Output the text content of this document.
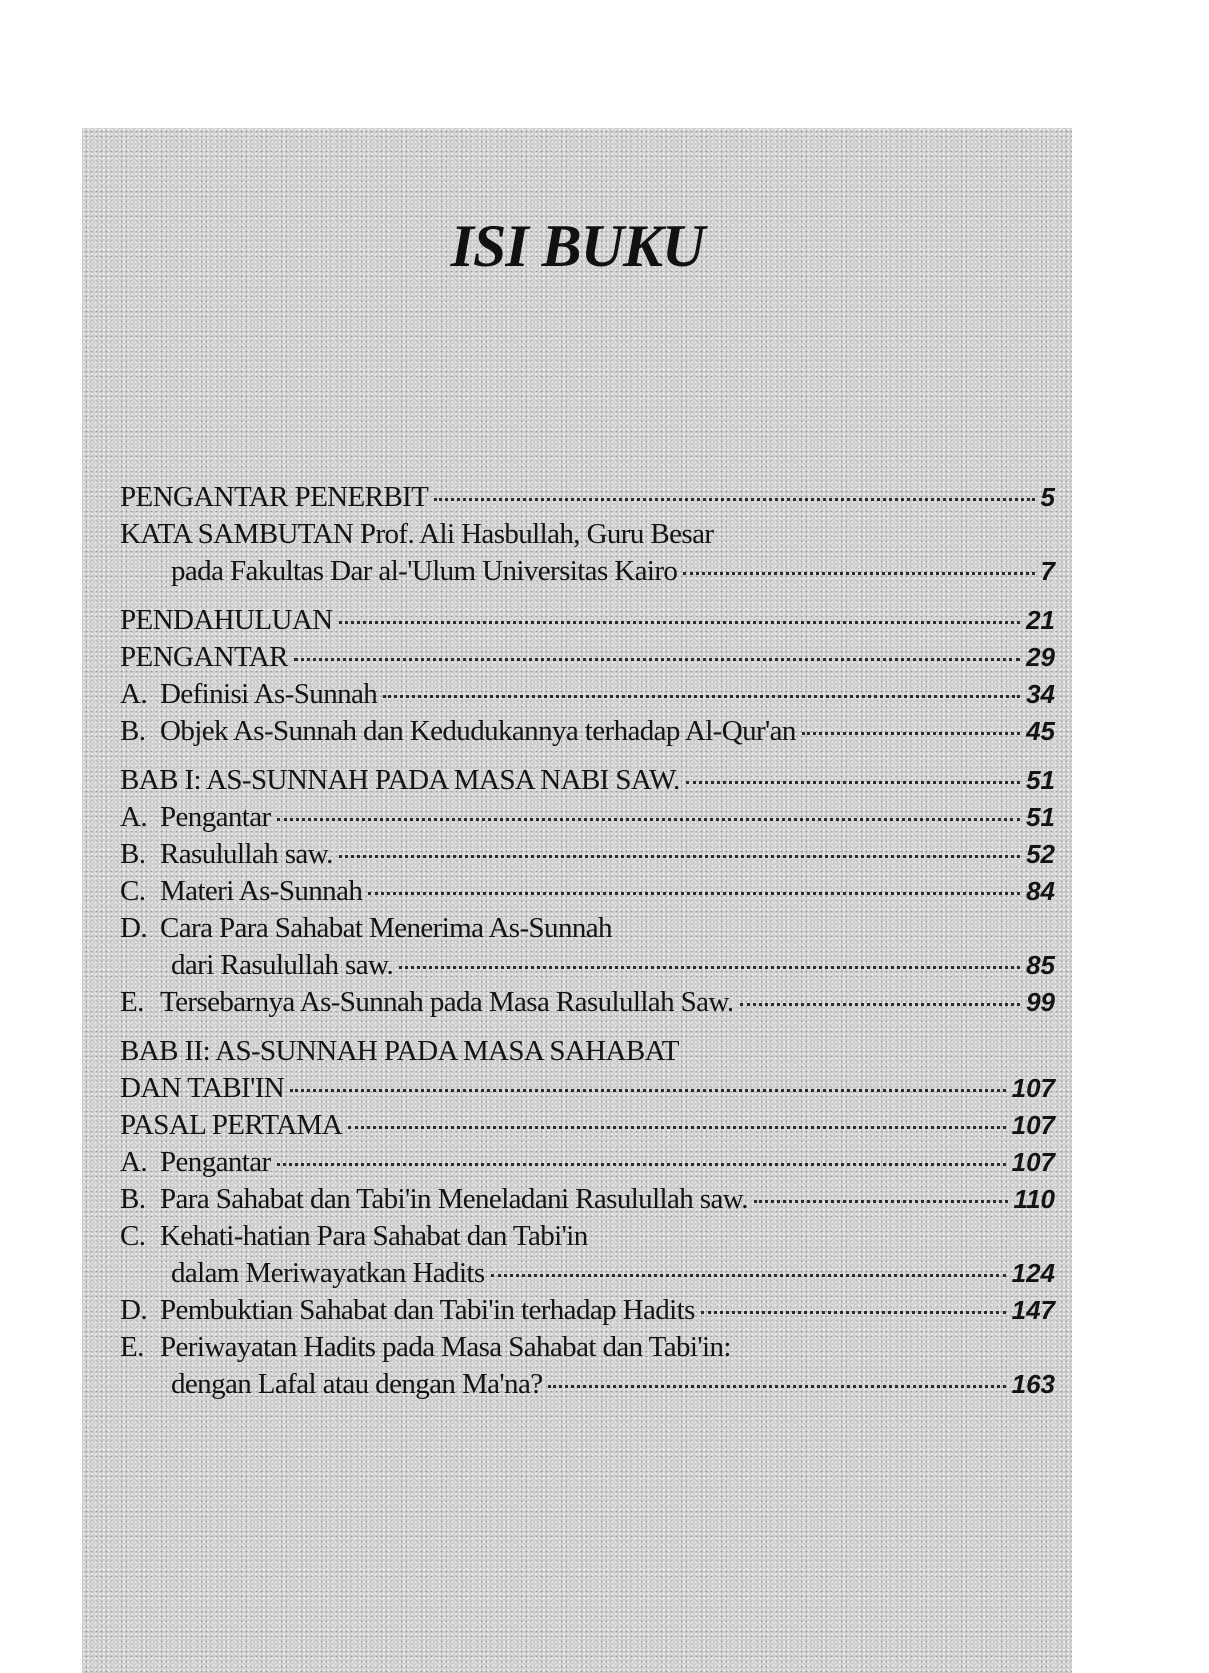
ISI BUKU
PENGANTAR PENERBIT	5
KATA SAMBUTAN Prof. Ali Hasbullah, Guru Besar
pada Fakultas Dar al-'Ulum Universitas Kairo	7
PENDAHULUAN	21
PENGANTAR	29
A. Definisi As-Sunnah	34
B. Objek As-Sunnah dan Kedudukannya terhadap Al-Qur'an	45
BAB I: AS-SUNNAH PADA MASA NABI SAW.	51
A. Pengantar	51
B. Rasulullah saw.	52
C. Materi As-Sunnah	84
D. Cara Para Sahabat Menerima As-Sunnah
dari Rasulullah saw.	85
E. Tersebarnya As-Sunnah pada Masa Rasulullah Saw.	99
BAB II: AS-SUNNAH PADA MASA SAHABAT
DAN TABI'IN	107
PASAL PERTAMA	107
A. Pengantar	107
B. Para Sahabat dan Tabi'in Meneladani Rasulullah saw.	110
C. Kehati-hatian Para Sahabat dan Tabi'in
dalam Meriwayatkan Hadits	124
D. Pembuktian Sahabat dan Tabi'in terhadap Hadits	147
E. Periwayatan Hadits pada Masa Sahabat dan Tabi'in:
dengan Lafal atau dengan Ma'na?	163
